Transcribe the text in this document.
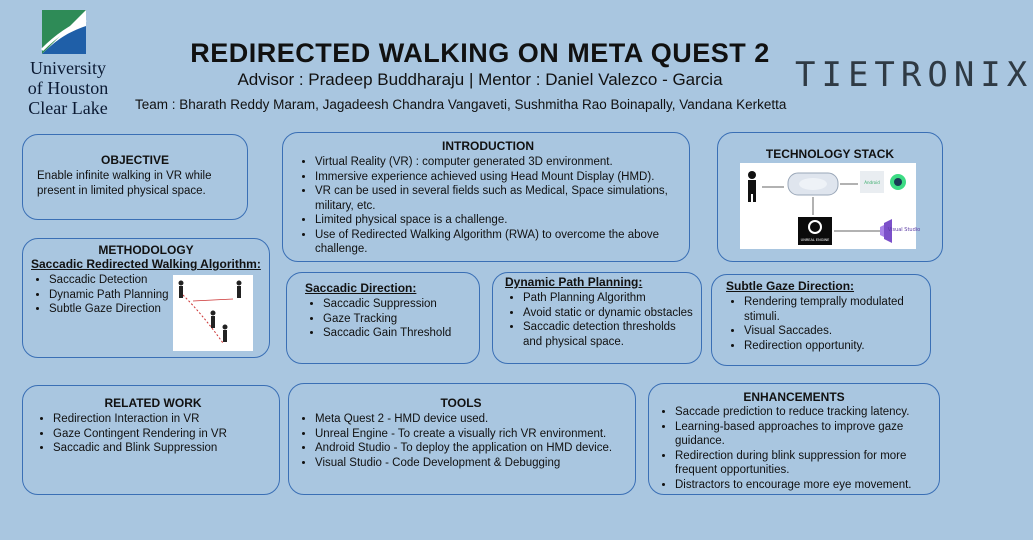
University
of Houston
Clear Lake
TIETRONIX
REDIRECTED WALKING ON META QUEST 2
Advisor : Pradeep Buddharaju | Mentor : Daniel Valezco - Garcia
Team : Bharath Reddy Maram, Jagadeesh Chandra Vangaveti, Sushmitha Rao Boinapally, Vandana Kerketta
OBJECTIVE
Enable infinite walking in VR while present in limited physical space.
INTRODUCTION
• Virtual Reality (VR) : computer generated 3D environment.
• Immersive experience achieved using Head Mount Display (HMD).
• VR can be used in several fields such as Medical, Space simulations, military, etc.
• Limited physical space is a challenge.
• Use of Redirected Walking Algorithm (RWA) to overcome the above challenge.
TECHNOLOGY STACK
Android
UNREAL ENGINE
Visual Studio
METHODOLOGY
Saccadic Redirected Walking Algorithm:
• Saccadic Detection
• Dynamic Path Planning
• Subtle Gaze Direction
Saccadic Direction:
• Saccadic Suppression
• Gaze Tracking
• Saccadic Gain Threshold
Dynamic Path Planning:
• Path Planning Algorithm
• Avoid static or dynamic obstacles
• Saccadic detection thresholds and physical space.
Subtle Gaze Direction:
• Rendering temprally modulated stimuli.
• Visual Saccades.
• Redirection opportunity.
RELATED WORK
• Redirection Interaction in VR
• Gaze Contingent Rendering in VR
• Saccadic and Blink Suppression
TOOLS
• Meta Quest 2 - HMD device used.
• Unreal Engine - To create a visually rich VR environment.
• Android Studio - To deploy the application on HMD device.
• Visual Studio - Code Development & Debugging
ENHANCEMENTS
• Saccade prediction to reduce tracking latency.
• Learning-based approaches to improve gaze guidance.
• Redirection during blink suppression for more frequent opportunities.
• Distractors to encourage more eye movement.
